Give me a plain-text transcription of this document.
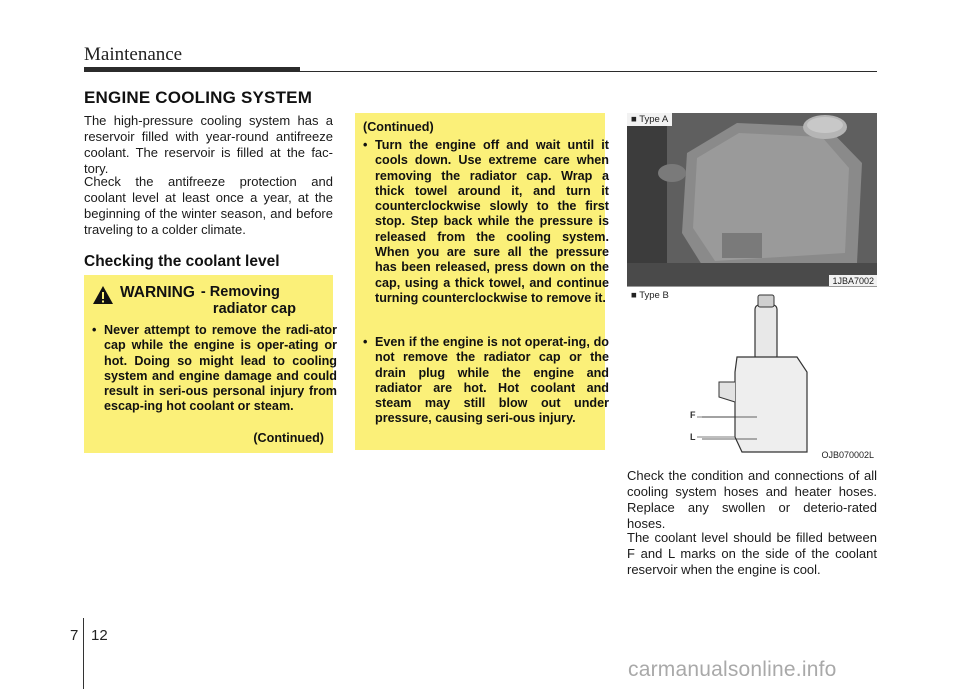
Maintenance
ENGINE COOLING SYSTEM
The high-pressure cooling system has a reservoir filled with year-round antifreeze coolant. The reservoir is filled at the fac-tory.
Check the antifreeze protection and coolant level at least once a year, at the beginning of the winter season, and before traveling to a colder climate.
Checking the coolant level
WARNING - Removing
radiator cap
• Never attempt to remove the radi-ator cap while the engine is oper-ating or hot. Doing so might lead to cooling system and engine damage and could result in seri-ous personal injury from escap-ing hot coolant or steam.
(Continued)
(Continued)
• Turn the engine off and wait until it cools down. Use extreme care when removing the radiator cap. Wrap a thick towel around it, and turn it counterclockwise slowly to the first stop. Step back while the pressure is released from the cooling system. When you are sure all the pressure has been released, press down on the cap, using a thick towel, and continue turning counterclockwise to remove it.
• Even if the engine is not operat-ing, do not remove the radiator cap or the drain plug while the engine and radiator are hot. Hot coolant and steam may still blow out under pressure, causing seri-ous injury.
■ Type A
1JBA7002
F
L
■ Type B
OJB070002L
Check the condition and connections of all cooling system hoses and heater hoses. Replace any swollen or deterio-rated hoses.
The coolant level should be filled between F and L marks on the side of the coolant reservoir when the engine is cool.
7 12
carmanualsonline.info
